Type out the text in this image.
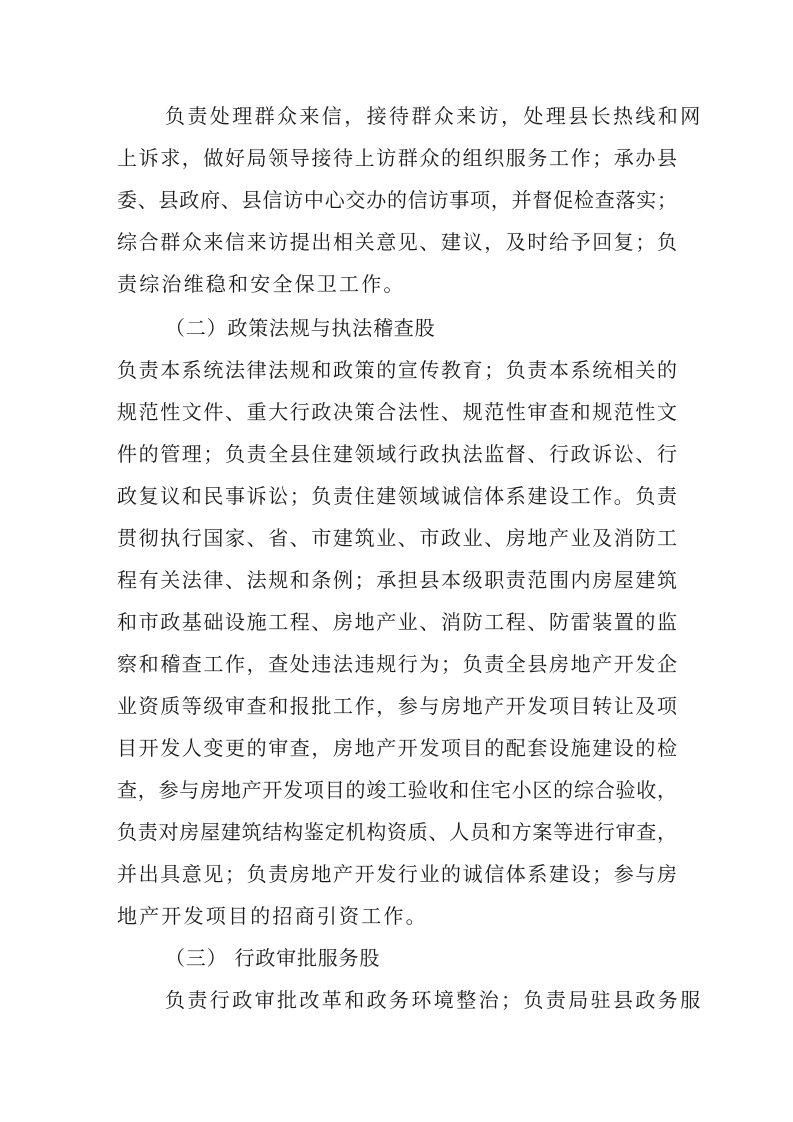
负责处理群众来信，接待群众来访，处理县长热线和网
上诉求，做好局领导接待上访群众的组织服务工作；承办县
委、县政府、县信访中心交办的信访事项，并督促检查落实；
综合群众来信来访提出相关意见、建议，及时给予回复；负
责综治维稳和安全保卫工作。
（二）政策法规与执法稽查股
负责本系统法律法规和政策的宣传教育；负责本系统相关的
规范性文件、重大行政决策合法性、规范性审查和规范性文
件的管理；负责全县住建领域行政执法监督、行政诉讼、行
政复议和民事诉讼；负责住建领域诚信体系建设工作。负责
贯彻执行国家、省、市建筑业、市政业、房地产业及消防工
程有关法律、法规和条例；承担县本级职责范围内房屋建筑
和市政基础设施工程、房地产业、消防工程、防雷装置的监
察和稽查工作，查处违法违规行为；负责全县房地产开发企
业资质等级审查和报批工作，参与房地产开发项目转让及项
目开发人变更的审查，房地产开发项目的配套设施建设的检
查，参与房地产开发项目的竣工验收和住宅小区的综合验收，
负责对房屋建筑结构鉴定机构资质、人员和方案等进行审查，
并出具意见；负责房地产开发行业的诚信体系建设；参与房
地产开发项目的招商引资工作。
（三） 行政审批服务股
负责行政审批改革和政务环境整治；负责局驻县政务服
